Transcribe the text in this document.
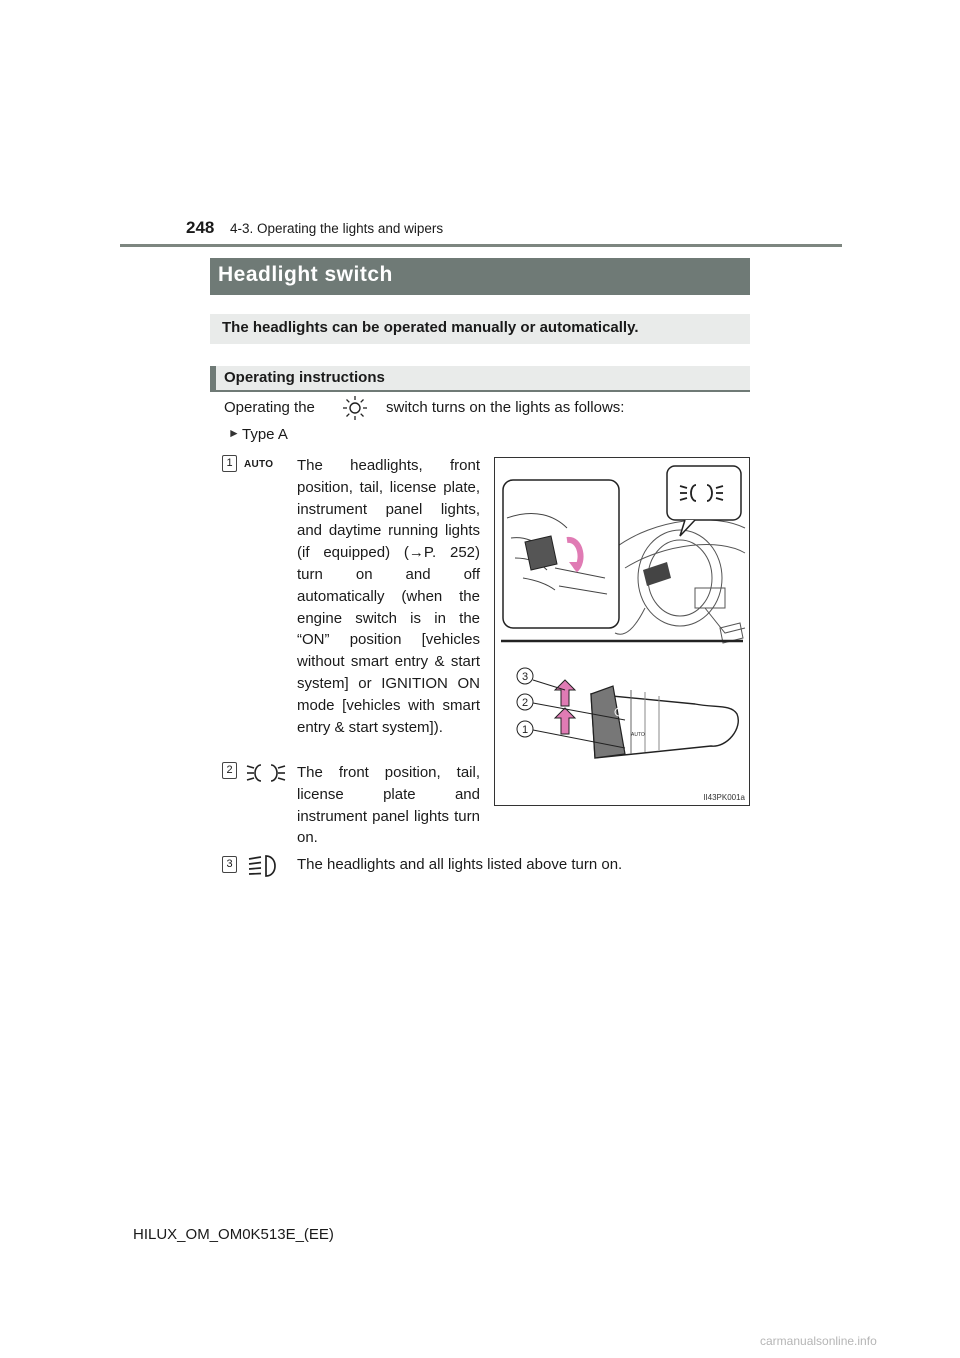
248 4-3. Operating the lights and wipers
Headlight switch
The headlights can be operated manually or automatically.
Operating instructions
Operating the	switch turns on the lights as follows:
► Type A
1	AUTO The headlights, front position, tail, license plate, instrument panel lights, and daytime running lights (if equipped) (→P. 252) turn on and off automatically (when the engine switch is in the “ON” position [vehicles without smart entry & start system] or IGNITION ON mode [vehicles with smart entry & start system]).
2	The front position, tail, license plate and instrument panel lights turn on.
3	The headlights and all lights listed above turn on.
AUTO
3
2
1
II43PK001a
HILUX_OM_OM0K513E_(EE)
carmanualsonline.info
